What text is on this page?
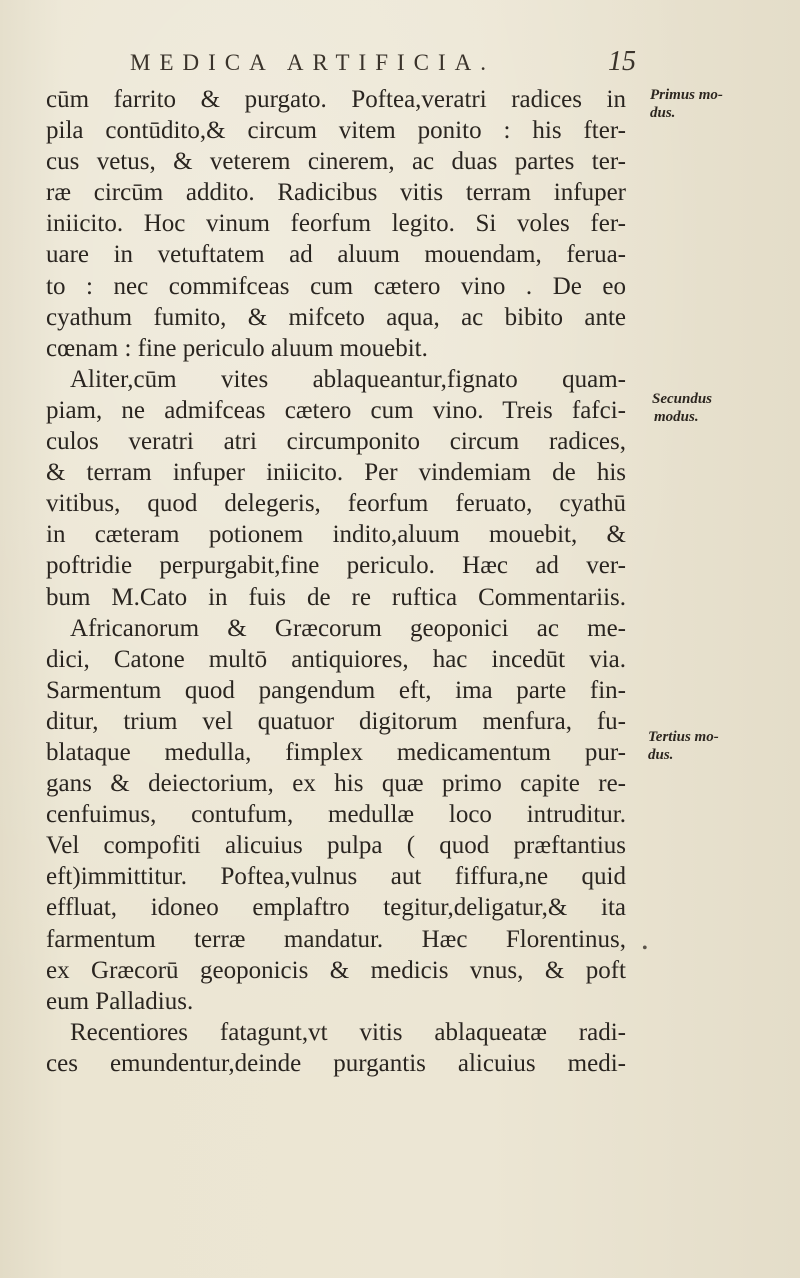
MEDICA ARTIFICIA.	15
cūm farrito & purgato. Poftea,veratri radices in
pila contūdito,& circum vitem ponito : his fter-
cus vetus, & veterem cinerem, ac duas partes ter-
ræ circūm addito. Radicibus vitis terram infuper
iniicito. Hoc vinum feorfum legito. Si voles fer-
uare in vetuftatem ad aluum mouendam, ferua-
to : nec commifceas cum cætero vino . De eo
cyathum fumito, & mifceto aqua, ac bibito ante
cœnam : fine periculo aluum mouebit.
Aliter,cūm vites ablaqueantur,fignato quam-
piam, ne admifceas cætero cum vino. Treis fafci-
culos veratri atri circumponito circum radices,
& terram infuper iniicito. Per vindemiam de his
vitibus, quod delegeris, feorfum feruato, cyathū
in cæteram potionem indito,aluum mouebit, &
poftridie perpurgabit,fine periculo. Hæc ad ver-
bum M.Cato in fuis de re ruftica Commentariis.
Africanorum & Græcorum geoponici ac me-
dici, Catone multō antiquiores, hac incedūt via.
Sarmentum quod pangendum eft, ima parte fin-
ditur, trium vel quatuor digitorum menfura, fu-
blataque medulla, fimplex medicamentum pur-
gans & deiectorium, ex his quæ primo capite re-
cenfuimus, contufum, medullæ loco intruditur.
Vel compofiti alicuius pulpa ( quod præftantius
eft)immittitur. Poftea,vulnus aut fiffura,ne quid
effluat, idoneo emplaftro tegitur,deligatur,& ita
farmentum terræ mandatur. Hæc Florentinus,
ex Græcorū geoponicis & medicis vnus, & poft
eum Palladius.
Recentiores fatagunt,vt vitis ablaqueatæ radi-
ces emundentur,deinde purgantis alicuius medi-
Primus mo-
dus.
Secundus
modus.
Tertius mo-
dus.
•
